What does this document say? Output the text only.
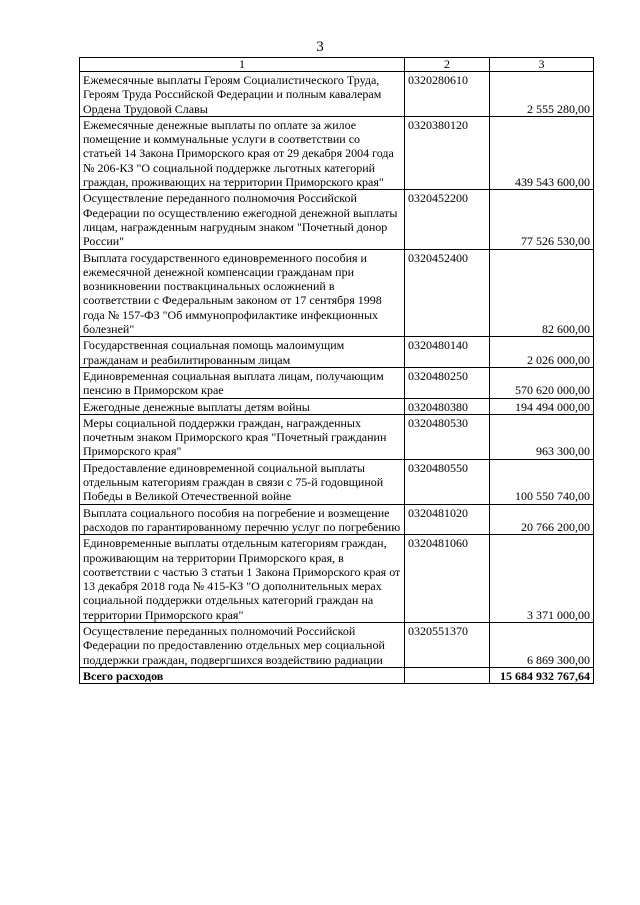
3
1	2	3
Ежемесячные выплаты Героям Социалистического Труда, Героям Труда Российской Федерации и полным кавалерам Ордена Трудовой Славы	0320280610	2 555 280,00
Ежемесячные денежные выплаты по оплате за жилое помещение и коммунальные услуги в соответствии со статьей 14 Закона Приморского края от 29 декабря 2004 года № 206-КЗ "О социальной поддержке льготных категорий граждан, проживающих на территории Приморского края"	0320380120	439 543 600,00
Осуществление переданного полномочия Российской Федерации по осуществлению ежегодной денежной выплаты лицам, награжденным нагрудным знаком "Почетный донор России"	0320452200	77 526 530,00
Выплата государственного единовременного пособия и ежемесячной денежной компенсации гражданам при возникновении поствакцинальных осложнений в соответствии с Федеральным законом от 17 сентября 1998 года № 157-ФЗ "Об иммунопрофилактике инфекционных болезней"	0320452400	82 600,00
Государственная социальная помощь малоимущим гражданам и реабилитированным лицам	0320480140	2 026 000,00
Единовременная социальная выплата лицам, получающим пенсию в Приморском крае	0320480250	570 620 000,00
Ежегодные денежные выплаты детям войны	0320480380	194 494 000,00
Меры социальной поддержки граждан, награжденных почетным знаком Приморского края "Почетный гражданин Приморского края"	0320480530	963 300,00
Предоставление единовременной социальной выплаты отдельным категориям граждан в связи с 75-й годовщиной Победы в Великой Отечественной войне	0320480550	100 550 740,00
Выплата социального пособия на погребение и возмещение расходов по гарантированному перечню услуг по погребению	0320481020	20 766 200,00
Единовременные выплаты отдельным категориям граждан, проживающим на территории Приморского края, в соответствии с частью 3 статьи 1 Закона Приморского края от 13 декабря 2018 года № 415-КЗ "О дополнительных мерах социальной поддержки отдельных категорий граждан на территории Приморского края"	0320481060	3 371 000,00
Осуществление переданных полномочий Российской Федерации по предоставлению отдельных мер социальной поддержки граждан, подвергшихся воздействию радиации	0320551370	6 869 300,00
Всего расходов		15 684 932 767,64
